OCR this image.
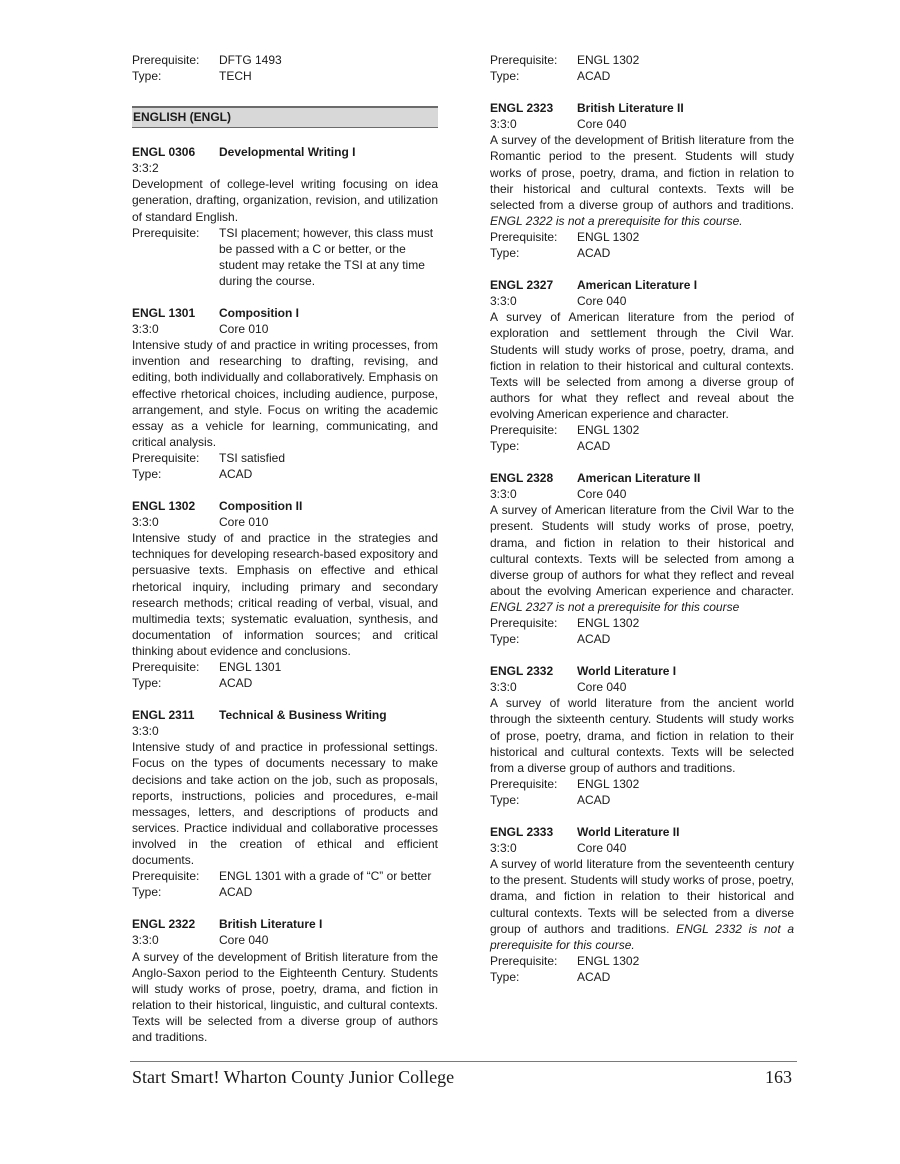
Prerequisite:	DFTG 1493
Type:	TECH
ENGLISH (ENGL)
ENGL 0306	Developmental Writing I
3:3:2
Development of college-level writing focusing on idea generation, drafting, organization, revision, and utilization of standard English.
Prerequisite:	TSI placement; however, this class must be passed with a C or better, or the student may retake the TSI at any time during the course.
ENGL 1301	Composition I
3:3:0	Core 010
Intensive study of and practice in writing processes, from invention and researching to drafting, revising, and editing, both individually and collaboratively. Emphasis on effective rhetorical choices, including audience, purpose, arrangement, and style. Focus on writing the academic essay as a vehicle for learning, communicating, and critical analysis.
Prerequisite:	TSI satisfied
Type:	ACAD
ENGL 1302	Composition II
3:3:0	Core 010
Intensive study of and practice in the strategies and techniques for developing research-based expository and persuasive texts. Emphasis on effective and ethical rhetorical inquiry, including primary and secondary research methods; critical reading of verbal, visual, and multimedia texts; systematic evaluation, synthesis, and documentation of information sources; and critical thinking about evidence and conclusions.
Prerequisite:	ENGL 1301
Type:	ACAD
ENGL 2311	Technical & Business Writing
3:3:0
Intensive study of and practice in professional settings. Focus on the types of documents necessary to make decisions and take action on the job, such as proposals, reports, instructions, policies and procedures, e-mail messages, letters, and descriptions of products and services. Practice individual and collaborative processes involved in the creation of ethical and efficient documents.
Prerequisite:	ENGL 1301 with a grade of “C” or better
Type:	ACAD
ENGL 2322	British Literature I
3:3:0	Core 040
A survey of the development of British literature from the Anglo-Saxon period to the Eighteenth Century. Students will study works of prose, poetry, drama, and fiction in relation to their historical, linguistic, and cultural contexts. Texts will be selected from a diverse group of authors and traditions.
Prerequisite:	ENGL 1302
Type:	ACAD
ENGL 2323	British Literature II
3:3:0	Core 040
A survey of the development of British literature from the Romantic period to the present. Students will study works of prose, poetry, drama, and fiction in relation to their historical and cultural contexts. Texts will be selected from a diverse group of authors and traditions. ENGL 2322 is not a prerequisite for this course.
Prerequisite:	ENGL 1302
Type:	ACAD
ENGL 2327	American Literature I
3:3:0	Core 040
A survey of American literature from the period of exploration and settlement through the Civil War. Students will study works of prose, poetry, drama, and fiction in relation to their historical and cultural contexts. Texts will be selected from among a diverse group of authors for what they reflect and reveal about the evolving American experience and character.
Prerequisite:	ENGL 1302
Type:	ACAD
ENGL 2328	American Literature II
3:3:0	Core 040
A survey of American literature from the Civil War to the present. Students will study works of prose, poetry, drama, and fiction in relation to their historical and cultural contexts. Texts will be selected from among a diverse group of authors for what they reflect and reveal about the evolving American experience and character. ENGL 2327 is not a prerequisite for this course
Prerequisite:	ENGL 1302
Type:	ACAD
ENGL 2332	World Literature I
3:3:0	Core 040
A survey of world literature from the ancient world through the sixteenth century. Students will study works of prose, poetry, drama, and fiction in relation to their historical and cultural contexts. Texts will be selected from a diverse group of authors and traditions.
Prerequisite:	ENGL 1302
Type:	ACAD
ENGL 2333	World Literature II
3:3:0	Core 040
A survey of world literature from the seventeenth century to the present. Students will study works of prose, poetry, drama, and fiction in relation to their historical and cultural contexts. Texts will be selected from a diverse group of authors and traditions. ENGL 2332 is not a prerequisite for this course.
Prerequisite:	ENGL 1302
Type:	ACAD
Start Smart! Wharton County Junior College	163
